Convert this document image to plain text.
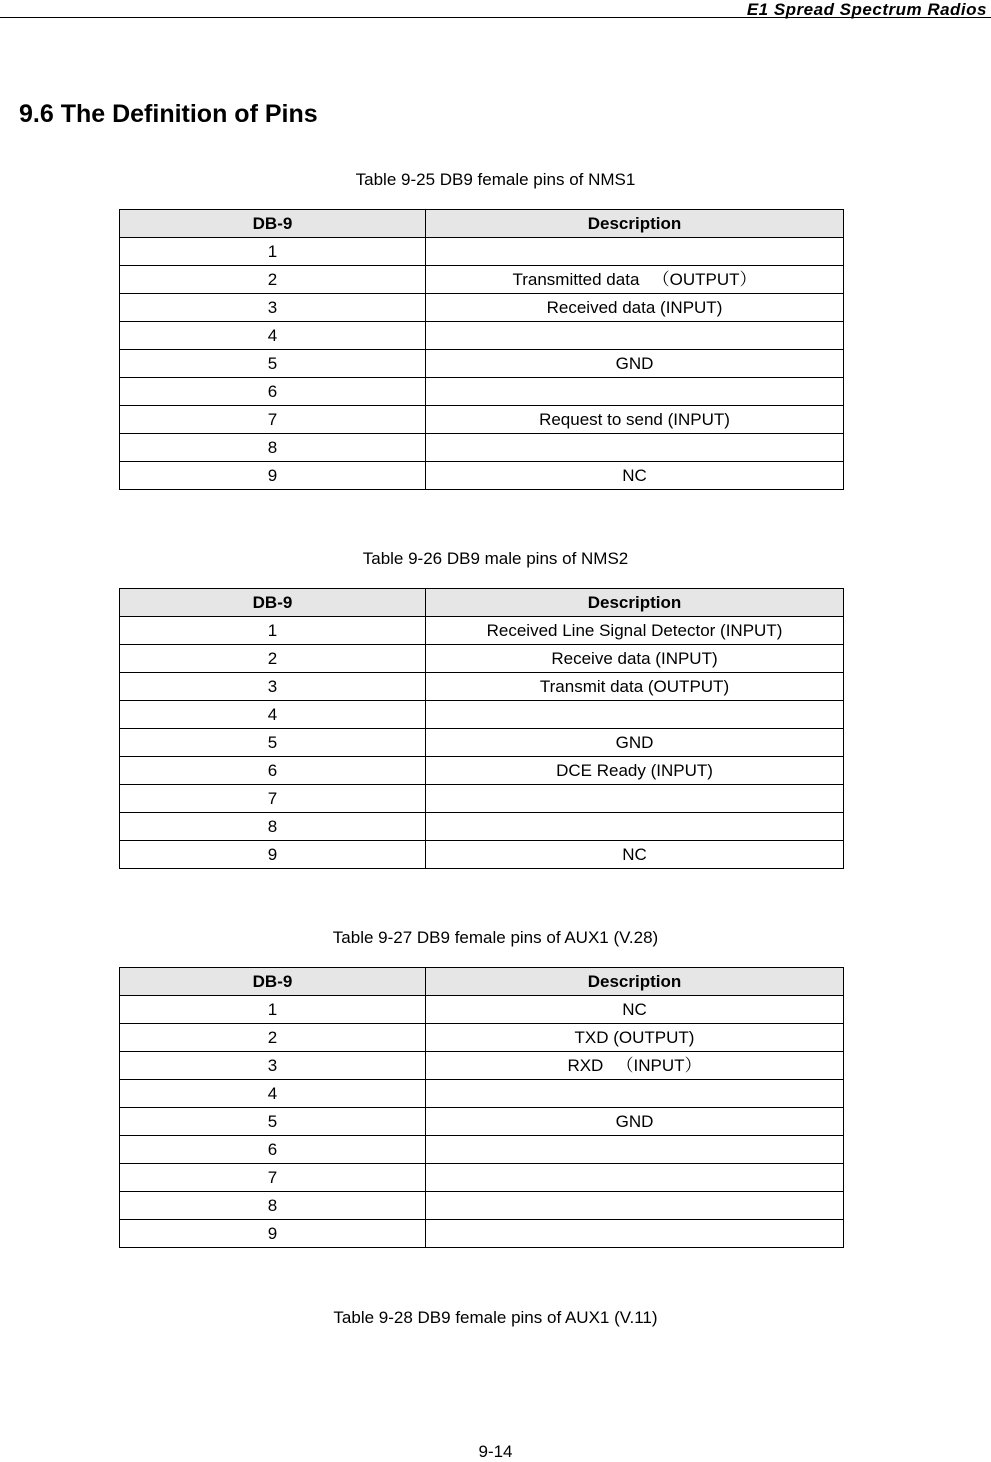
E1 Spread Spectrum Radios
9.6 The Definition of Pins
Table 9-25 DB9 female pins of NMS1
DB-9	Description
1	
2	Transmitted data 　（OUTPUT）
3	Received data (INPUT)
4	
5	GND
6	
7	Request to send (INPUT)
8	
9	NC
Table 9-26 DB9 male pins of NMS2
DB-9	Description
1	Received Line Signal Detector (INPUT)
2	Receive data (INPUT)
3	Transmit data (OUTPUT)
4	
5	GND
6	DCE Ready (INPUT)
7	
8	
9	NC
Table 9-27 DB9 female pins of AUX1 (V.28)
DB-9	Description
1	NC
2	TXD (OUTPUT)
3	RXD 　（INPUT）
4	
5	GND
6	
7	
8	
9	
Table 9-28 DB9 female pins of AUX1 (V.11)
9-14
